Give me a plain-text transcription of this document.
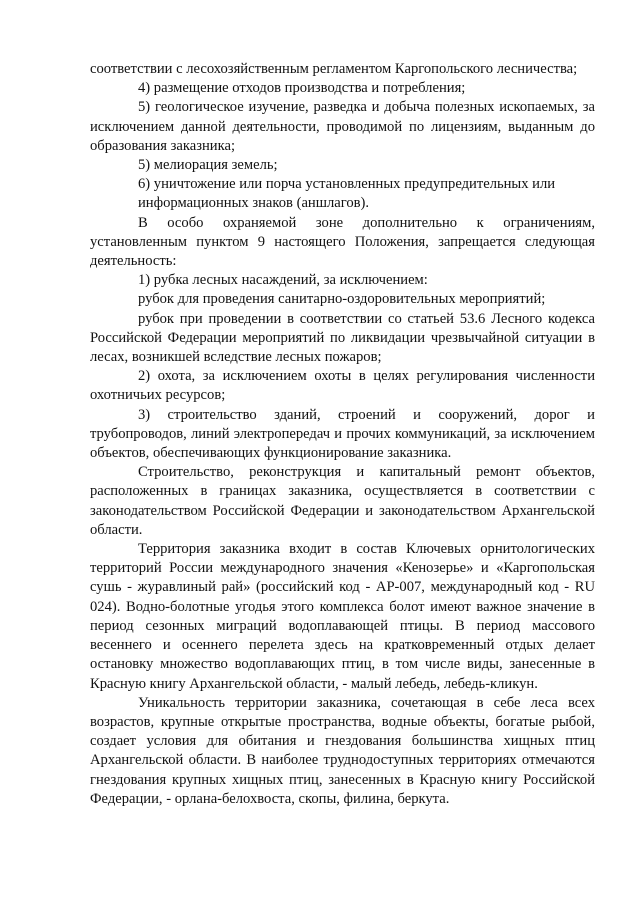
соответствии с лесохозяйственным регламентом Каргопольского лесничества;

4) размещение отходов производства и потребления;

5) геологическое изучение, разведка и добыча полезных ископаемых, за исключением данной деятельности, проводимой по лицензиям, выданным до образования заказника;

5) мелиорация земель;

6) уничтожение или порча установленных предупредительных или информационных знаков (аншлагов).

В особо охраняемой зоне дополнительно к ограничениям, установленным пунктом 9 настоящего Положения, запрещается следующая деятельность:

1) рубка лесных насаждений, за исключением:

рубок для проведения санитарно-оздоровительных мероприятий;

рубок при проведении в соответствии со статьей 53.6 Лесного кодекса Российской Федерации мероприятий по ликвидации чрезвычайной ситуации в лесах, возникшей вследствие лесных пожаров;

2) охота, за исключением охоты в целях регулирования численности охотничьих ресурсов;

3) строительство зданий, строений и сооружений, дорог и трубопроводов, линий электропередач и прочих коммуникаций, за исключением объектов, обеспечивающих функционирование заказника.

Строительство, реконструкция и капитальный ремонт объектов, расположенных в границах заказника, осуществляется в соответствии с законодательством Российской Федерации и законодательством Архангельской области.

Территория заказника входит в состав Ключевых орнитологических территорий России международного значения «Кенозерье» и «Каргопольская сушь - журавлиный рай» (российский код - АР-007, международный код - RU 024). Водно-болотные угодья этого комплекса болот имеют важное значение в период сезонных миграций водоплавающей птицы. В период массового весеннего и осеннего перелета здесь на кратковременный отдых делает остановку множество водоплавающих птиц, в том числе виды, занесенные в Красную книгу Архангельской области, - малый лебедь, лебедь-кликун.

Уникальность территории заказника, сочетающая в себе леса всех возрастов, крупные открытые пространства, водные объекты, богатые рыбой, создает условия для обитания и гнездования большинства хищных птиц Архангельской области. В наиболее труднодоступных территориях отмечаются гнездования крупных хищных птиц, занесенных в Красную книгу Российской Федерации, - орлана-белохвоста, скопы, филина, беркута.
